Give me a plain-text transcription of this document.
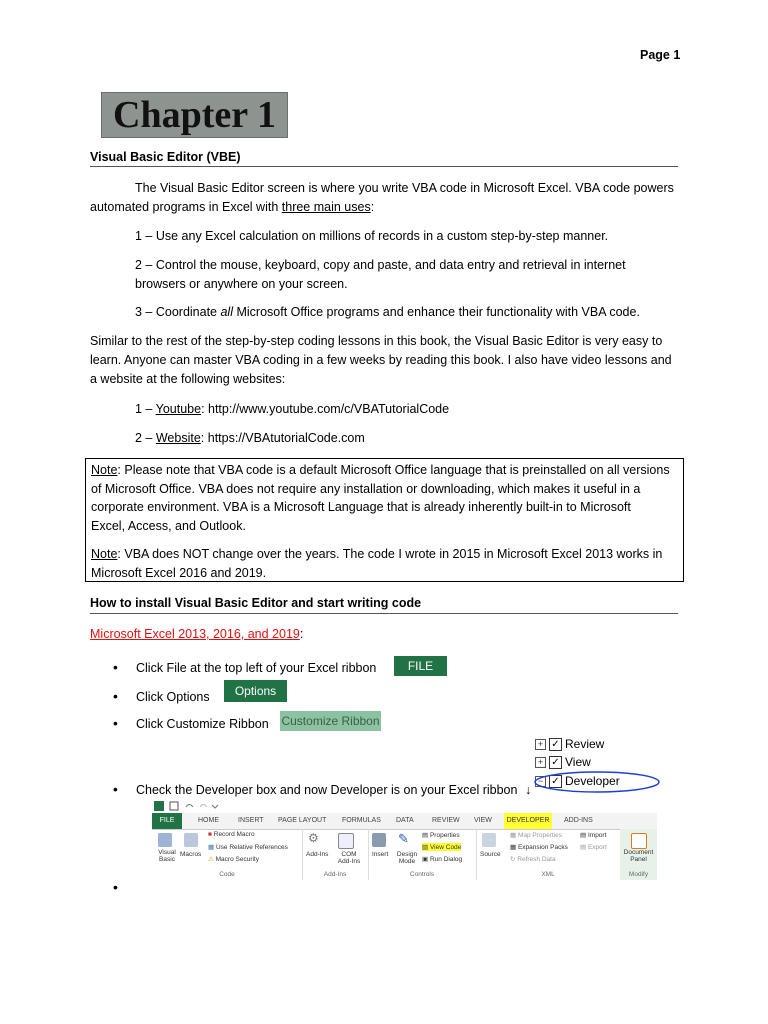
Page 1
Chapter 1
Visual Basic Editor (VBE)
The Visual Basic Editor screen is where you write VBA code in Microsoft Excel. VBA code powers
automated programs in Excel with three main uses:
1 – Use any Excel calculation on millions of records in a custom step-by-step manner.
2 – Control the mouse, keyboard, copy and paste, and data entry and retrieval in internet
browsers or anywhere on your screen.
3 – Coordinate all Microsoft Office programs and enhance their functionality with VBA code.
Similar to the rest of the step-by-step coding lessons in this book, the Visual Basic Editor is very easy to
learn. Anyone can master VBA coding in a few weeks by reading this book. I also have video lessons and
a website at the following websites:
1 – Youtube: http://www.youtube.com/c/VBATutorialCode
2 – Website: https://VBAtutorialCode.com
Note: Please note that VBA code is a default Microsoft Office language that is preinstalled on all versions
of Microsoft Office. VBA does not require any installation or downloading, which makes it useful in a
corporate environment. VBA is a Microsoft Language that is already inherently built-in to Microsoft
Excel, Access, and Outlook.
Note: VBA does NOT change over the years. The code I wrote in 2015 in Microsoft Excel 2013 works in
Microsoft Excel 2016 and 2019.
How to install Visual Basic Editor and start writing code
Microsoft Excel 2013, 2016, and 2019:
• Click File at the top left of your Excel ribbon	FILE
• Click Options	Options
• Click Customize Ribbon Customize Ribbon
+ ✓ Review
+ ✓ View
− ✓ Developer
• Check the Developer box and now Developer is on your Excel ribbon ↓
FILE	HOME	INSERT PAGE LAYOUT FORMULAS DATA	REVIEW VIEW	DEVELOPER	ADD-INS
Visual Basic
Macros
■ Record Macro
▦ Use Relative References
⚠ Macro Security
Code
⚙
Add-Ins	COM Add-Ins
Add-Ins
Insert
✎
Design Mode
▤ Properties
▧ View Code
▣ Run Dialog
Controls
Source
▦ Map Properties
▦ Expansion Packs
↻ Refresh Data
▤ Import
▤ Export
XML
Document Panel
Modify
•
